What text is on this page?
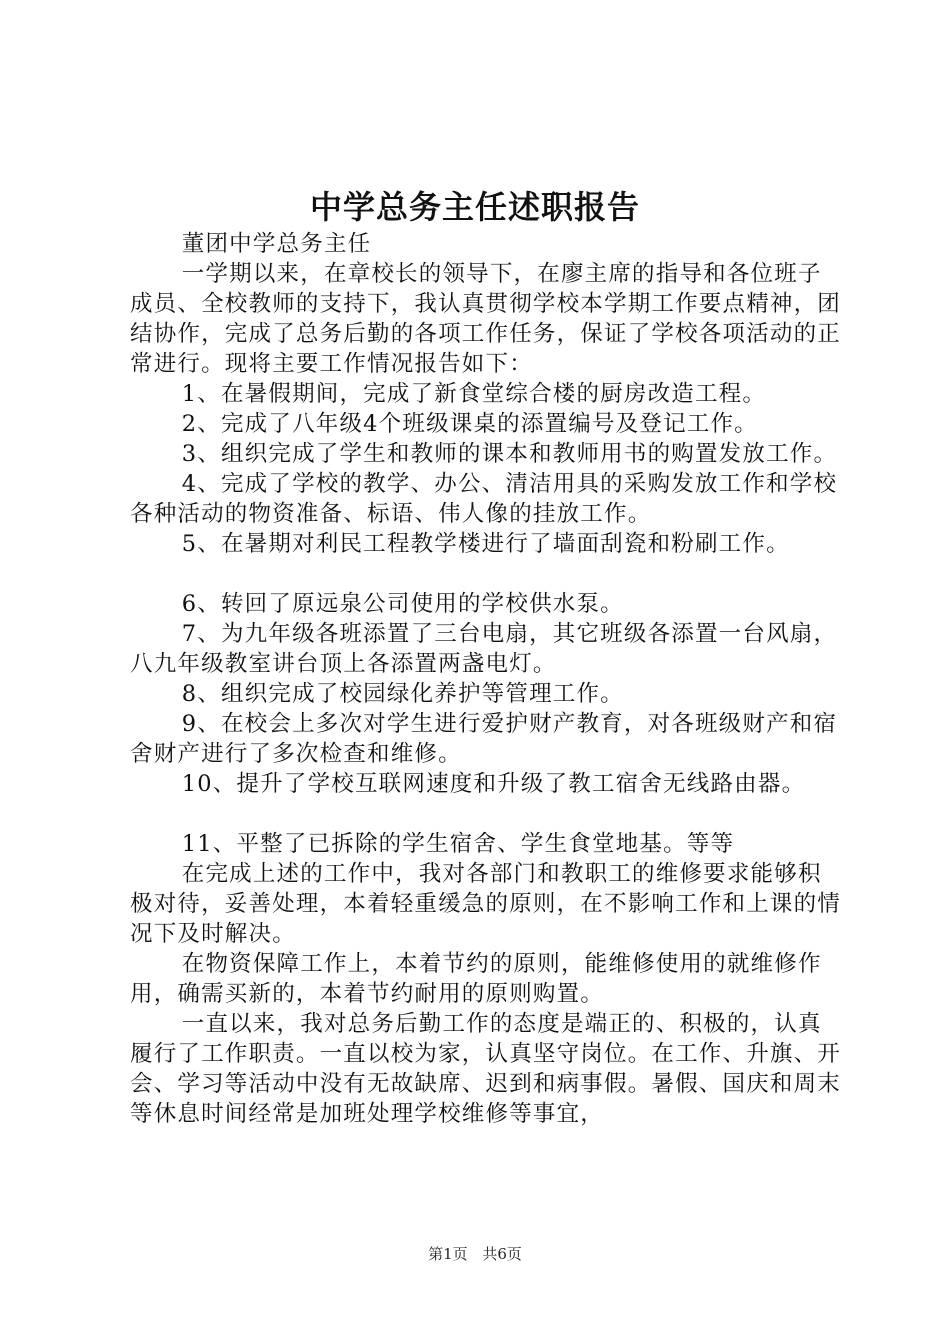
中学总务主任述职报告

董团中学总务主任

一学期以来，在章校长的领导下，在廖主席的指导和各位班子成员、全校教师的支持下，我认真贯彻学校本学期工作要点精神，团结协作，完成了总务后勤的各项工作任务，保证了学校各项活动的正常进行。现将主要工作情况报告如下：

1、在暑假期间，完成了新食堂综合楼的厨房改造工程。

2、完成了八年级4个班级课桌的添置编号及登记工作。

3、组织完成了学生和教师的课本和教师用书的购置发放工作。

4、完成了学校的教学、办公、清洁用具的采购发放工作和学校各种活动的物资准备、标语、伟人像的挂放工作。

5、在暑期对利民工程教学楼进行了墙面刮瓷和粉刷工作。

6、转回了原远泉公司使用的学校供水泵。

7、为九年级各班添置了三台电扇，其它班级各添置一台风扇，八九年级教室讲台顶上各添置两盏电灯。

8、组织完成了校园绿化养护等管理工作。

9、在校会上多次对学生进行爱护财产教育，对各班级财产和宿舍财产进行了多次检查和维修。

10、提升了学校互联网速度和升级了教工宿舍无线路由器。

11、平整了已拆除的学生宿舍、学生食堂地基。等等

在完成上述的工作中，我对各部门和教职工的维修要求能够积极对待，妥善处理，本着轻重缓急的原则，在不影响工作和上课的情况下及时解决。

在物资保障工作上，本着节约的原则，能维修使用的就维修作用，确需买新的，本着节约耐用的原则购置。

一直以来，我对总务后勤工作的态度是端正的、积极的，认真履行了工作职责。一直以校为家，认真坚守岗位。在工作、升旗、开会、学习等活动中没有无故缺席、迟到和病事假。暑假、国庆和周末等休息时间经常是加班处理学校维修等事宜，

第1页 共6页
